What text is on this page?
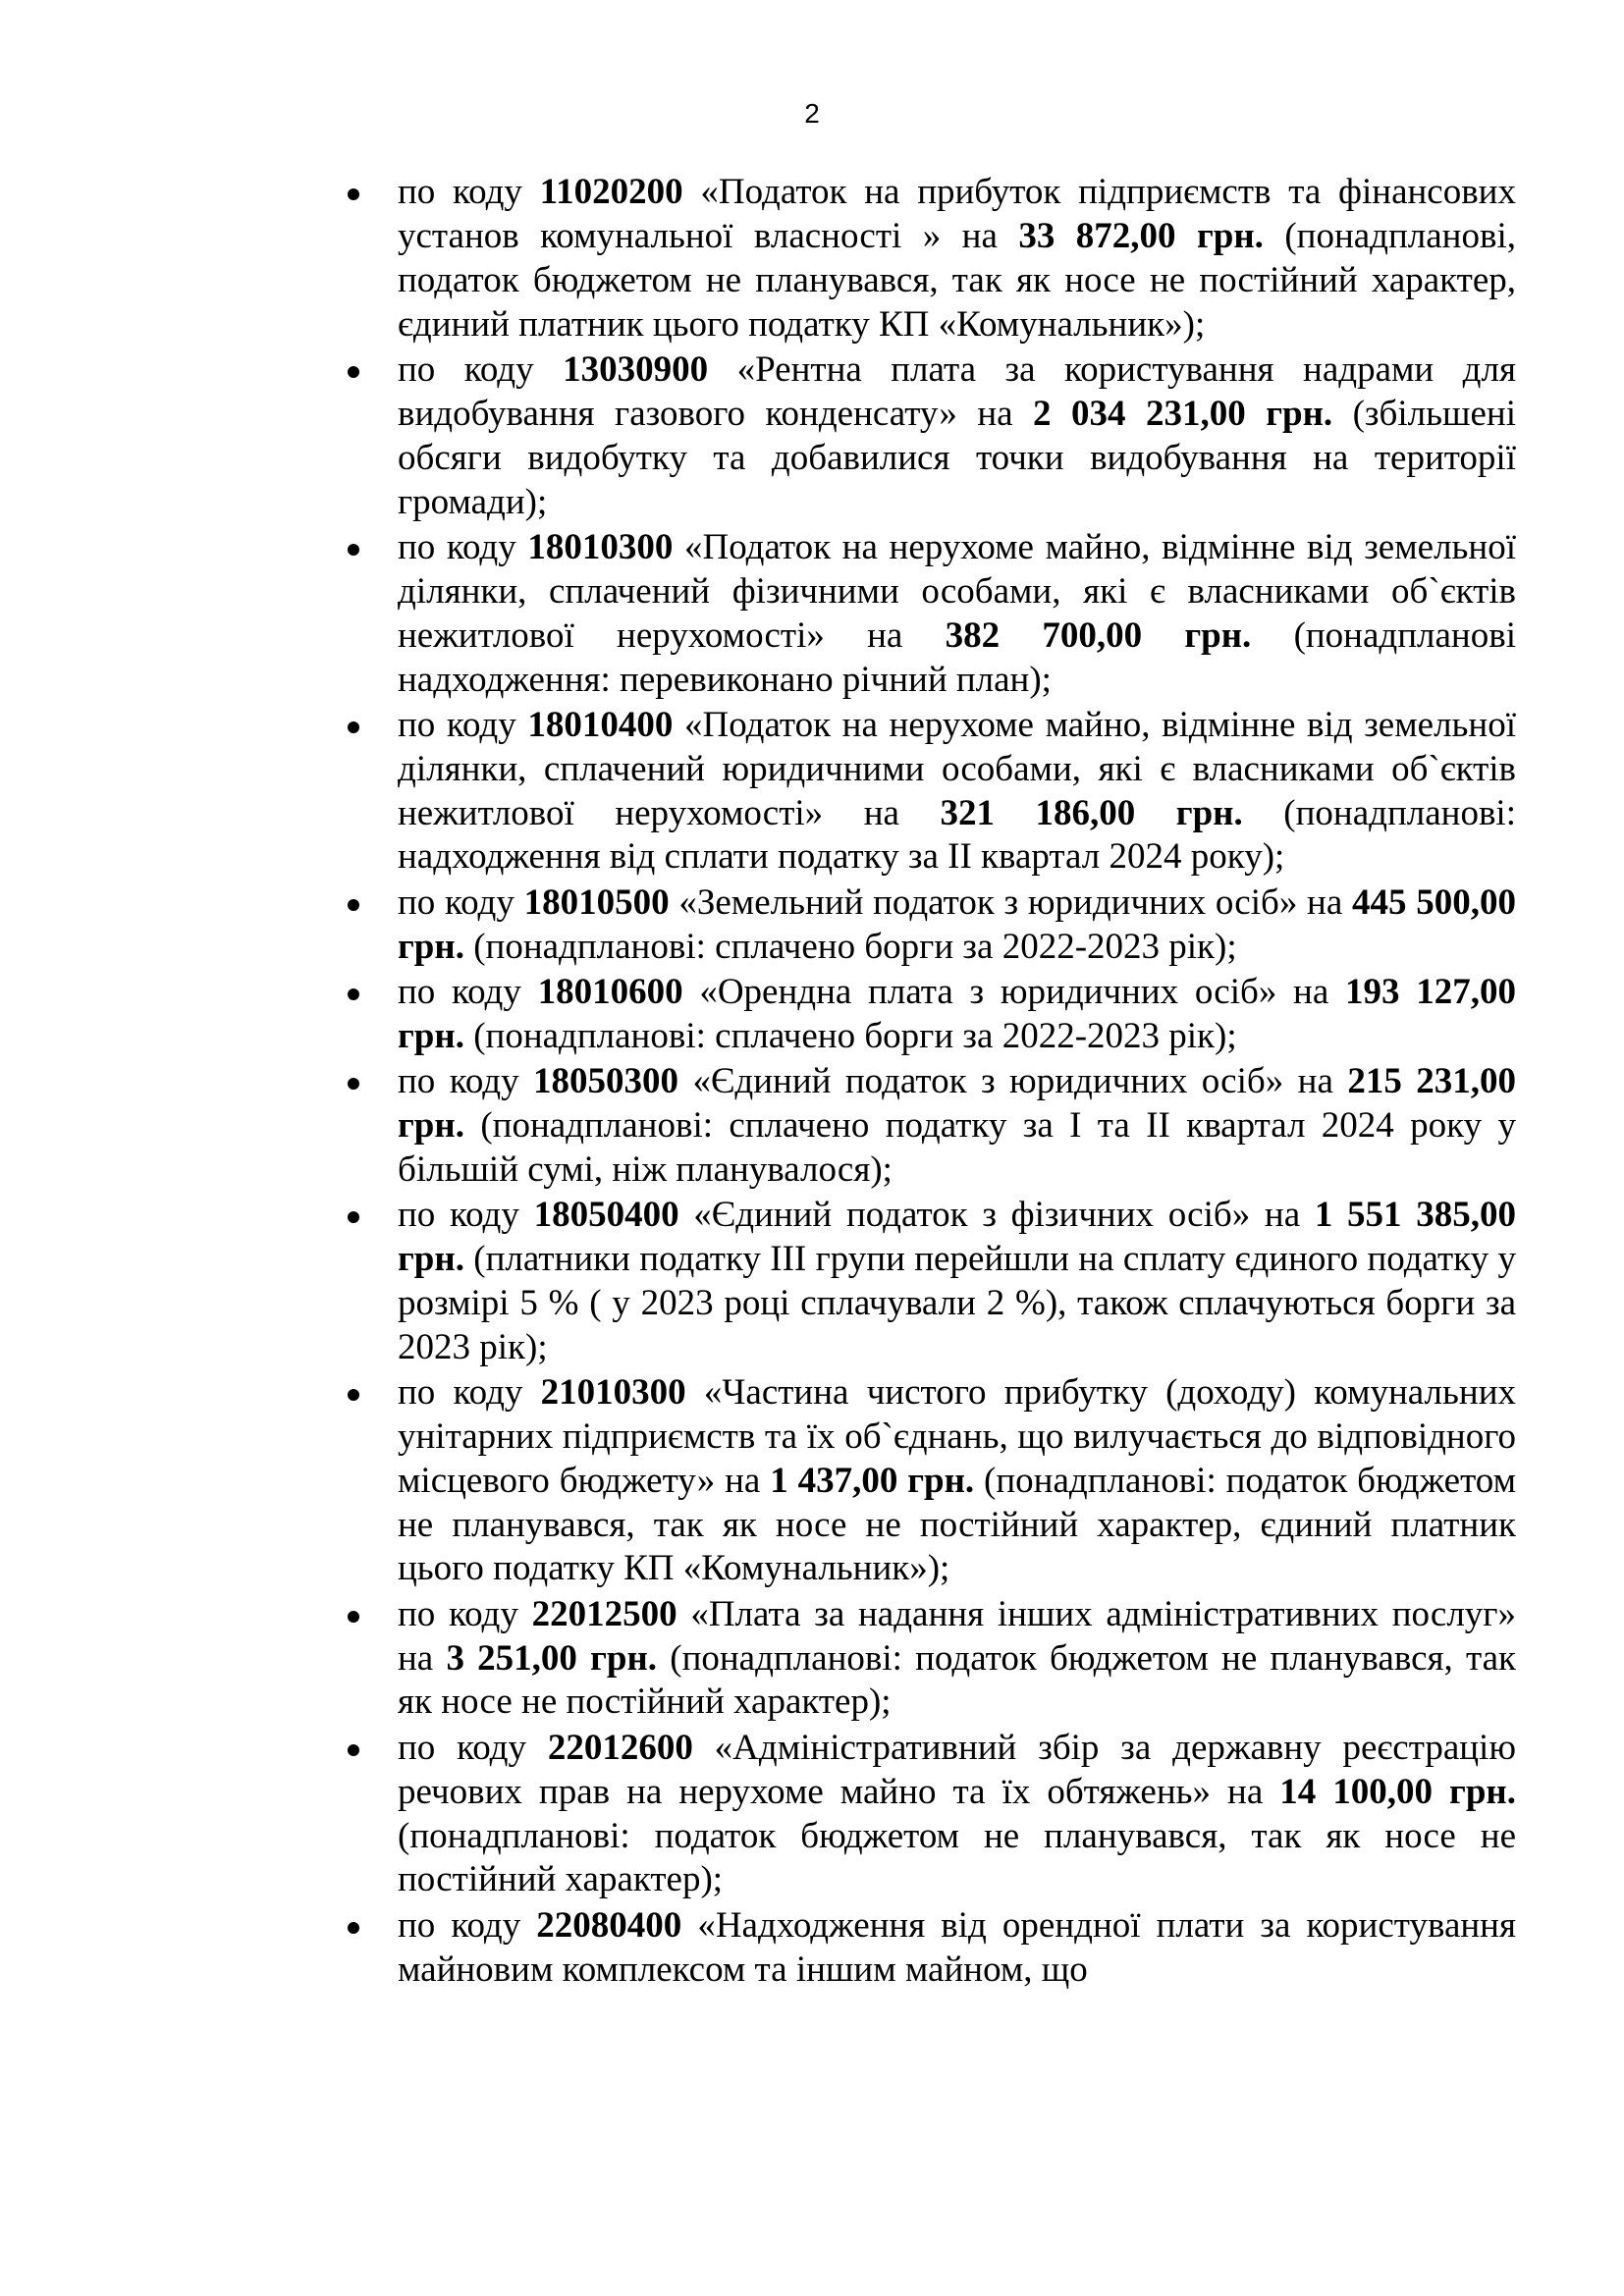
2
по коду 11020200 «Податок на прибуток підприємств та фінансових установ комунальної власності » на 33 872,00 грн. (понадпланові, податок бюджетом не планувався, так як носе не постійний характер, єдиний платник цього податку КП «Комунальник»);
по коду 13030900 «Рентна плата за користування надрами для видобування газового конденсату» на 2 034 231,00 грн. (збільшені обсяги видобутку та добавилися точки видобування на території громади);
по коду 18010300 «Податок на нерухоме майно, відмінне від земельної ділянки, сплачений фізичними особами, які є власниками об`єктів нежитлової нерухомості» на 382 700,00 грн. (понадпланові надходження: перевиконано річний план);
по коду 18010400 «Податок на нерухоме майно, відмінне від земельної ділянки, сплачений юридичними особами, які є власниками об`єктів нежитлової нерухомості» на 321 186,00 грн. (понадпланові: надходження від сплати податку за II квартал 2024 року);
по коду 18010500 «Земельний податок з юридичних осіб» на 445 500,00 грн. (понадпланові: сплачено борги за 2022-2023 рік);
по коду 18010600 «Орендна плата з юридичних осіб» на 193 127,00 грн. (понадпланові: сплачено борги за 2022-2023 рік);
по коду 18050300 «Єдиний податок з юридичних осіб» на 215 231,00 грн. (понадпланові: сплачено податку за I та II квартал 2024 року у більшій сумі, ніж планувалося);
по коду 18050400 «Єдиний податок з фізичних осіб» на 1 551 385,00 грн. (платники податку III групи перейшли на сплату єдиного податку у розмірі 5 % ( у 2023 році сплачували 2 %), також сплачуються борги за 2023 рік);
по коду 21010300 «Частина чистого прибутку (доходу) комунальних унітарних підприємств та їх об`єднань, що вилучається до відповідного місцевого бюджету» на 1 437,00 грн. (понадпланові: податок бюджетом не планувався, так як носе не постійний характер, єдиний платник цього податку КП «Комунальник»);
по коду 22012500 «Плата за надання інших адміністративних послуг» на 3 251,00 грн. (понадпланові: податок бюджетом не планувався, так як носе не постійний характер);
по коду 22012600 «Адміністративний збір за державну реєстрацію речових прав на нерухоме майно та їх обтяжень» на 14 100,00 грн. (понадпланові: податок бюджетом не планувався, так як носе не постійний характер);
по коду 22080400 «Надходження від орендної плати за користування майновим комплексом та іншим майном, що
